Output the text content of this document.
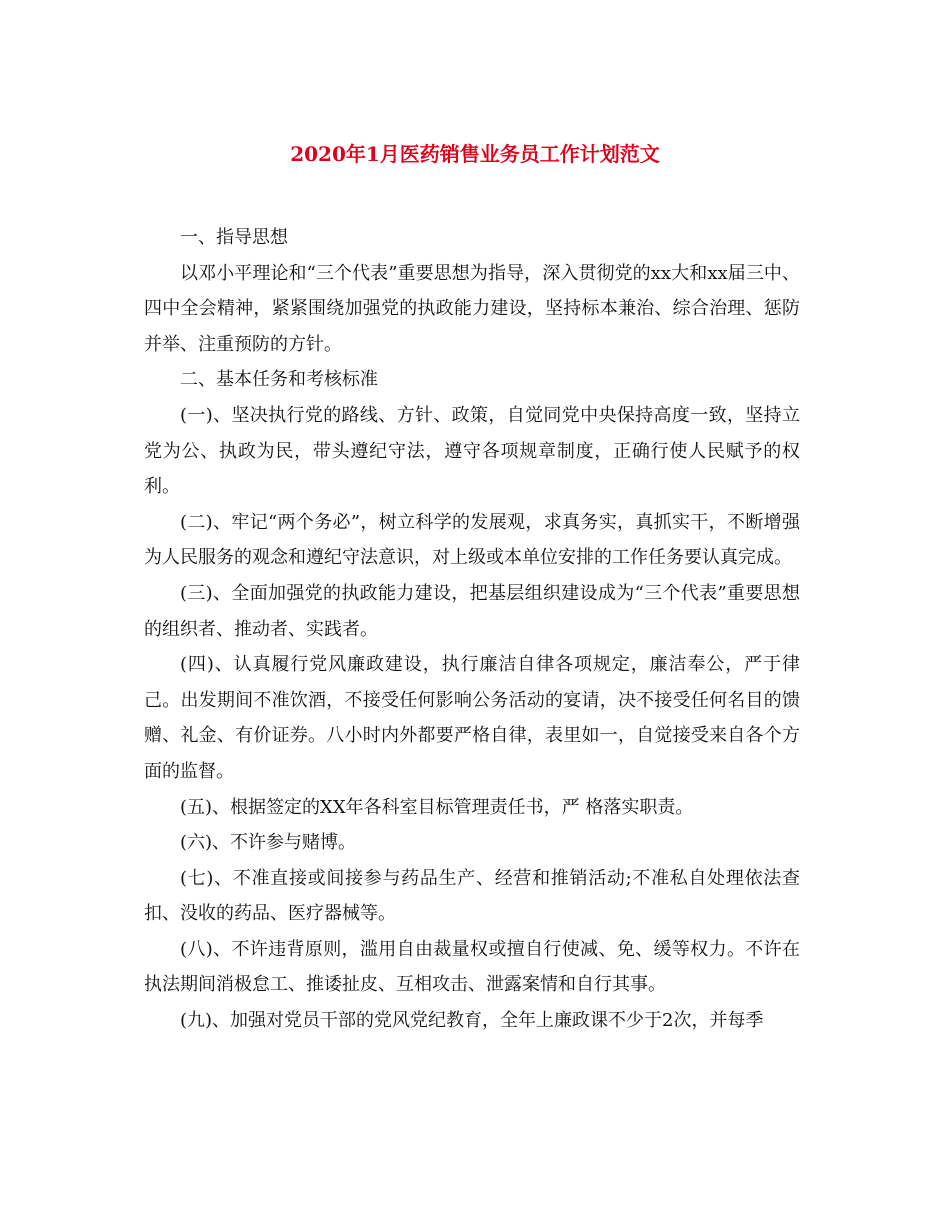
2020年1月医药销售业务员工作计划范文

一、指导思想

以邓小平理论和“三个代表”重要思想为指导，深入贯彻党的xx大和xx届三中、四中全会精神，紧紧围绕加强党的执政能力建设，坚持标本兼治、综合治理、惩防并举、注重预防的方针。

二、基本任务和考核标准

(一)、坚决执行党的路线、方针、政策，自觉同党中央保持高度一致，坚持立党为公、执政为民，带头遵纪守法，遵守各项规章制度，正确行使人民赋予的权利。

(二)、牢记“两个务必”，树立科学的发展观，求真务实，真抓实干，不断增强为人民服务的观念和遵纪守法意识，对上级或本单位安排的工作任务要认真完成。

(三)、全面加强党的执政能力建设，把基层组织建设成为“三个代表”重要思想的组织者、推动者、实践者。

(四)、认真履行党风廉政建设，执行廉洁自律各项规定，廉洁奉公，严于律己。出发期间不准饮酒，不接受任何影响公务活动的宴请，决不接受任何名目的馈赠、礼金、有价证券。八小时内外都要严格自律，表里如一，自觉接受来自各个方面的监督。

(五)、根据签定的XX年各科室目标管理责任书，严 格落实职责。

(六)、不许参与赌博。

(七)、不准直接或间接参与药品生产、经营和推销活动;不准私自处理依法查扣、没收的药品、医疗器械等。

(八)、不许违背原则，滥用自由裁量权或擅自行使减、免、缓等权力。不许在执法期间消极怠工、推诿扯皮、互相攻击、泄露案情和自行其事。

(九)、加强对党员干部的党风党纪教育，全年上廉政课不少于2次，并每季
